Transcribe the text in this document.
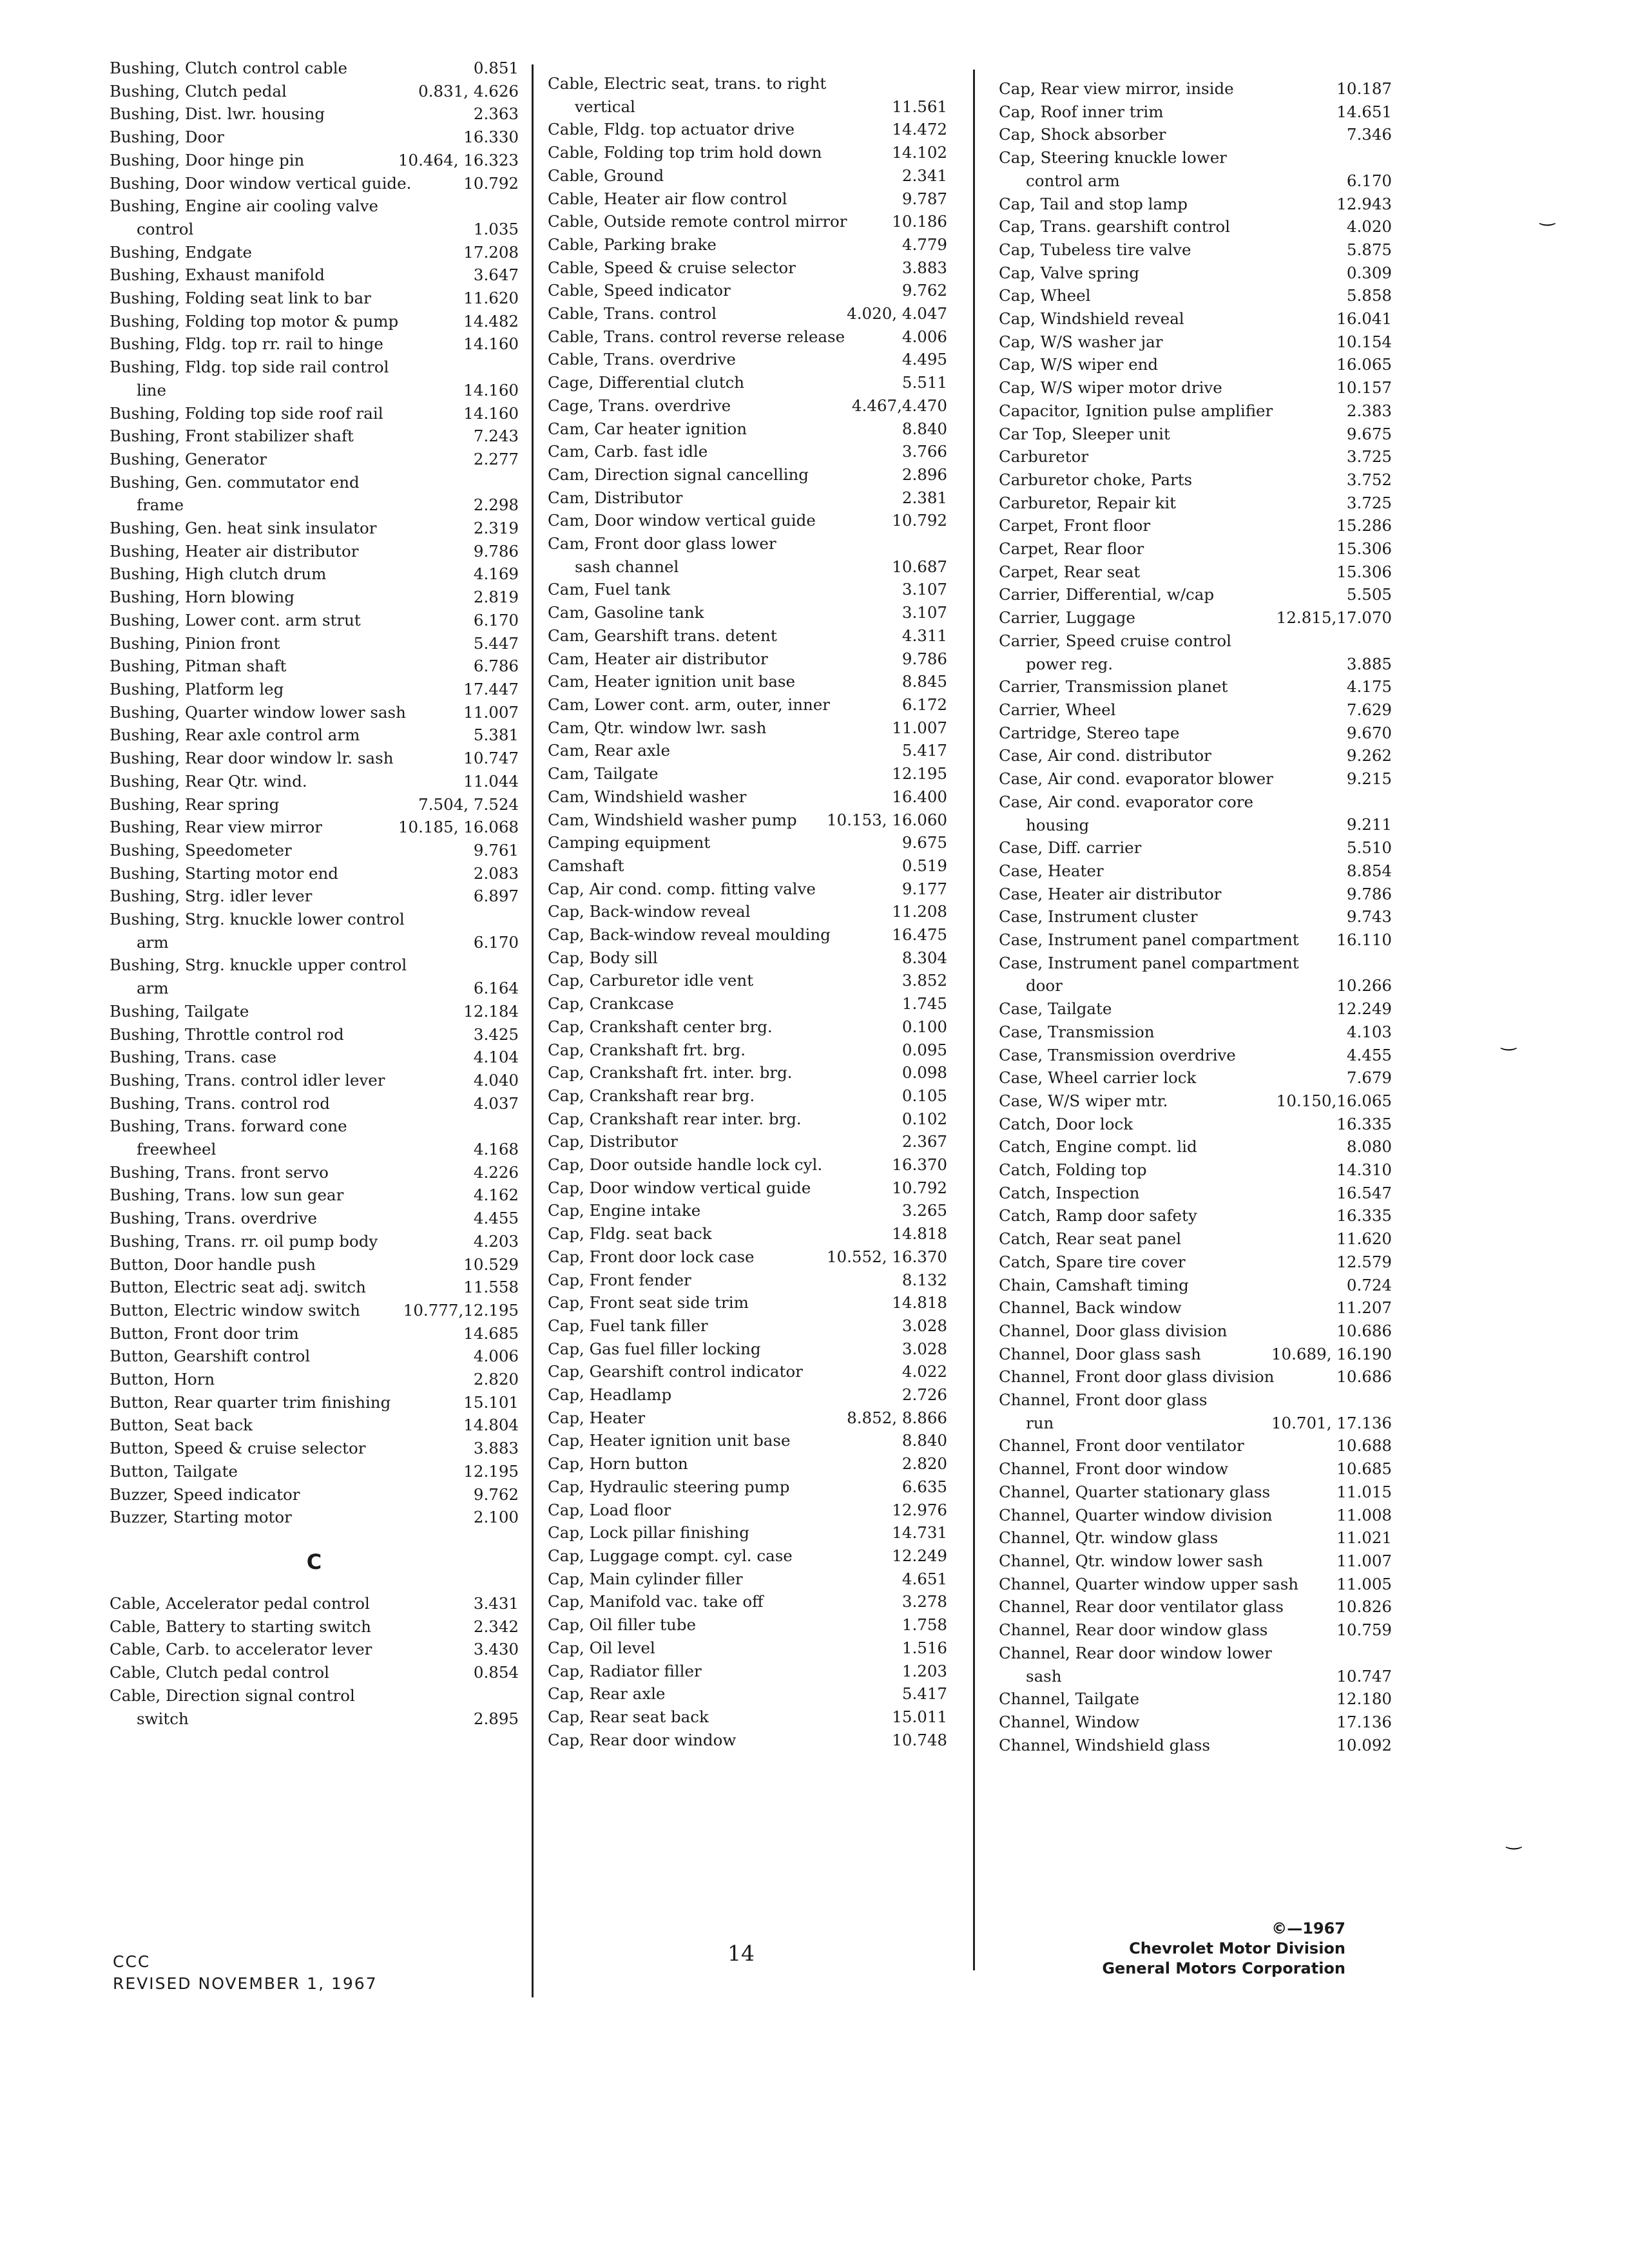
Bushing, Clutch control cable	0.851
Bushing, Clutch pedal	0.831, 4.626
Bushing, Dist. lwr. housing	2.363
Bushing, Door	16.330
Bushing, Door hinge pin	10.464, 16.323
Bushing, Door window vertical guide.	10.792
Bushing, Engine air cooling valve
control	1.035
Bushing, Endgate	17.208
Bushing, Exhaust manifold	3.647
Bushing, Folding seat link to bar	11.620
Bushing, Folding top motor & pump	14.482
Bushing, Fldg. top rr. rail to hinge	14.160
Bushing, Fldg. top side rail control
line	14.160
Bushing, Folding top side roof rail	14.160
Bushing, Front stabilizer shaft	7.243
Bushing, Generator	2.277
Bushing, Gen. commutator end
frame	2.298
Bushing, Gen. heat sink insulator	2.319
Bushing, Heater air distributor	9.786
Bushing, High clutch drum	4.169
Bushing, Horn blowing	2.819
Bushing, Lower cont. arm strut	6.170
Bushing, Pinion front	5.447
Bushing, Pitman shaft	6.786
Bushing, Platform leg	17.447
Bushing, Quarter window lower sash	11.007
Bushing, Rear axle control arm	5.381
Bushing, Rear door window lr. sash	10.747
Bushing, Rear Qtr. wind.	11.044
Bushing, Rear spring	7.504, 7.524
Bushing, Rear view mirror	10.185, 16.068
Bushing, Speedometer	9.761
Bushing, Starting motor end	2.083
Bushing, Strg. idler lever	6.897
Bushing, Strg. knuckle lower control
arm	6.170
Bushing, Strg. knuckle upper control
arm	6.164
Bushing, Tailgate	12.184
Bushing, Throttle control rod	3.425
Bushing, Trans. case	4.104
Bushing, Trans. control idler lever	4.040
Bushing, Trans. control rod	4.037
Bushing, Trans. forward cone
freewheel	4.168
Bushing, Trans. front servo	4.226
Bushing, Trans. low sun gear	4.162
Bushing, Trans. overdrive	4.455
Bushing, Trans. rr. oil pump body	4.203
Button, Door handle push	10.529
Button, Electric seat adj. switch	11.558
Button, Electric window switch	10.777,12.195
Button, Front door trim	14.685
Button, Gearshift control	4.006
Button, Horn	2.820
Button, Rear quarter trim finishing	15.101
Button, Seat back	14.804
Button, Speed & cruise selector	3.883
Button, Tailgate	12.195
Buzzer, Speed indicator	9.762
Buzzer, Starting motor	2.100
C
Cable, Accelerator pedal control	3.431
Cable, Battery to starting switch	2.342
Cable, Carb. to accelerator lever	3.430
Cable, Clutch pedal control	0.854
Cable, Direction signal control
switch	2.895
Cable, Electric seat, trans. to right
vertical	11.561
Cable, Fldg. top actuator drive	14.472
Cable, Folding top trim hold down	14.102
Cable, Ground	2.341
Cable, Heater air flow control	9.787
Cable, Outside remote control mirror	10.186
Cable, Parking brake	4.779
Cable, Speed & cruise selector	3.883
Cable, Speed indicator	9.762
Cable, Trans. control	4.020, 4.047
Cable, Trans. control reverse release	4.006
Cable, Trans. overdrive	4.495
Cage, Differential clutch	5.511
Cage, Trans. overdrive	4.467,4.470
Cam, Car heater ignition	8.840
Cam, Carb. fast idle	3.766
Cam, Direction signal cancelling	2.896
Cam, Distributor	2.381
Cam, Door window vertical guide	10.792
Cam, Front door glass lower
sash channel	10.687
Cam, Fuel tank	3.107
Cam, Gasoline tank	3.107
Cam, Gearshift trans. detent	4.311
Cam, Heater air distributor	9.786
Cam, Heater ignition unit base	8.845
Cam, Lower cont. arm, outer, inner	6.172
Cam, Qtr. window lwr. sash	11.007
Cam, Rear axle	5.417
Cam, Tailgate	12.195
Cam, Windshield washer	16.400
Cam, Windshield washer pump 10.153, 16.060
Camping equipment	9.675
Camshaft	0.519
Cap, Air cond. comp. fitting valve	9.177
Cap, Back-window reveal	11.208
Cap, Back-window reveal moulding	16.475
Cap, Body sill	8.304
Cap, Carburetor idle vent	3.852
Cap, Crankcase	1.745
Cap, Crankshaft center brg.	0.100
Cap, Crankshaft frt. brg.	0.095
Cap, Crankshaft frt. inter. brg.	0.098
Cap, Crankshaft rear brg.	0.105
Cap, Crankshaft rear inter. brg.	0.102
Cap, Distributor	2.367
Cap, Door outside handle lock cyl.	16.370
Cap, Door window vertical guide	10.792
Cap, Engine intake	3.265
Cap, Fldg. seat back	14.818
Cap, Front door lock case	10.552, 16.370
Cap, Front fender	8.132
Cap, Front seat side trim	14.818
Cap, Fuel tank filler	3.028
Cap, Gas fuel filler locking	3.028
Cap, Gearshift control indicator	4.022
Cap, Headlamp	2.726
Cap, Heater	8.852, 8.866
Cap, Heater ignition unit base	8.840
Cap, Horn button	2.820
Cap, Hydraulic steering pump	6.635
Cap, Load floor	12.976
Cap, Lock pillar finishing	14.731
Cap, Luggage compt. cyl. case	12.249
Cap, Main cylinder filler	4.651
Cap, Manifold vac. take off	3.278
Cap, Oil filler tube	1.758
Cap, Oil level	1.516
Cap, Radiator filler	1.203
Cap, Rear axle	5.417
Cap, Rear seat back	15.011
Cap, Rear door window	10.748
Cap, Rear view mirror, inside	10.187
Cap, Roof inner trim	14.651
Cap, Shock absorber	7.346
Cap, Steering knuckle lower
control arm	6.170
Cap, Tail and stop lamp	12.943
Cap, Trans. gearshift control	4.020
Cap, Tubeless tire valve	5.875
Cap, Valve spring	0.309
Cap, Wheel	5.858
Cap, Windshield reveal	16.041
Cap, W/S washer jar	10.154
Cap, W/S wiper end	16.065
Cap, W/S wiper motor drive	10.157
Capacitor, Ignition pulse amplifier	2.383
Car Top, Sleeper unit	9.675
Carburetor	3.725
Carburetor choke, Parts	3.752
Carburetor, Repair kit	3.725
Carpet, Front floor	15.286
Carpet, Rear floor	15.306
Carpet, Rear seat	15.306
Carrier, Differential, w/cap	5.505
Carrier, Luggage	12.815,17.070
Carrier, Speed cruise control
power reg.	3.885
Carrier, Transmission planet	4.175
Carrier, Wheel	7.629
Cartridge, Stereo tape	9.670
Case, Air cond. distributor	9.262
Case, Air cond. evaporator blower	9.215
Case, Air cond. evaporator core
housing	9.211
Case, Diff. carrier	5.510
Case, Heater	8.854
Case, Heater air distributor	9.786
Case, Instrument cluster	9.743
Case, Instrument panel compartment 16.110
Case, Instrument panel compartment
door	10.266
Case, Tailgate	12.249
Case, Transmission	4.103
Case, Transmission overdrive	4.455
Case, Wheel carrier lock	7.679
Case, W/S wiper mtr.	10.150,16.065
Catch, Door lock	16.335
Catch, Engine compt. lid	8.080
Catch, Folding top	14.310
Catch, Inspection	16.547
Catch, Ramp door safety	16.335
Catch, Rear seat panel	11.620
Catch, Spare tire cover	12.579
Chain, Camshaft timing	0.724
Channel, Back window	11.207
Channel, Door glass division	10.686
Channel, Door glass sash	10.689, 16.190
Channel, Front door glass division	10.686
Channel, Front door glass
run	10.701, 17.136
Channel, Front door ventilator	10.688
Channel, Front door window	10.685
Channel, Quarter stationary glass	11.015
Channel, Quarter window division	11.008
Channel, Qtr. window glass	11.021
Channel, Qtr. window lower sash	11.007
Channel, Quarter window upper sash 11.005
Channel, Rear door ventilator glass	10.826
Channel, Rear door window glass	10.759
Channel, Rear door window lower
sash	10.747
Channel, Tailgate	12.180
Channel, Window	17.136
Channel, Windshield glass	10.092
‿
‿
‿
CCC
REVISED NOVEMBER 1, 1967
14
©—1967
Chevrolet Motor Division
General Motors Corporation
